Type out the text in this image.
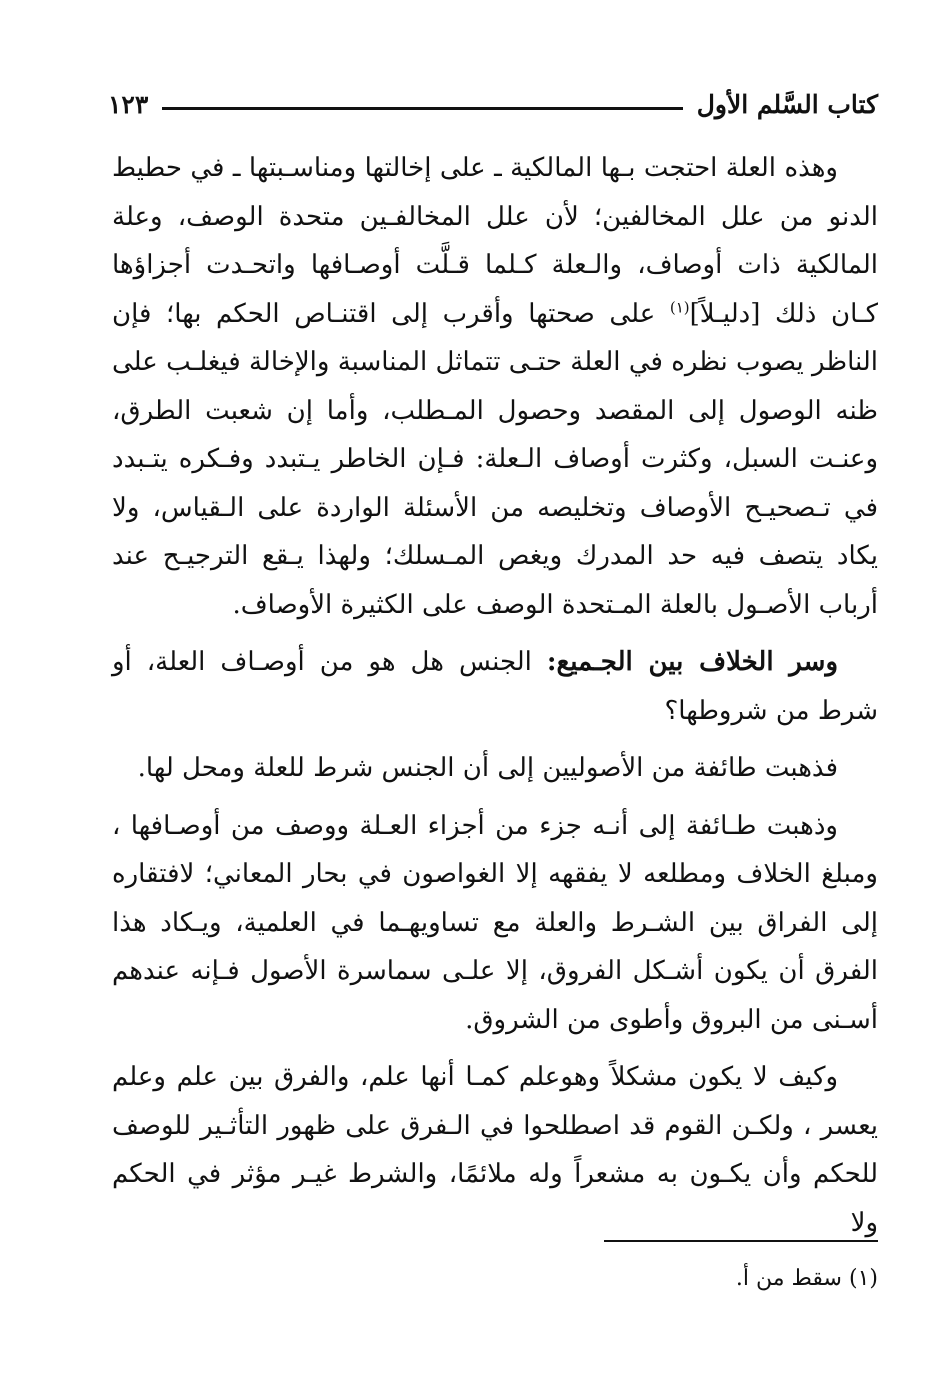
كتاب السَّلم الأول
١٢٣

وهذه العلة احتجت بـها المالكية ـ على إخالتها ومناسـبتها ـ في حطيط الدنو من علل المخالفين؛ لأن علل المخالفـين متحدة الوصف، وعلة المالكية ذات أوصاف، والـعلة كـلما قـلَّت أوصـافها واتحـدت أجزاؤها كـان ذلك [دليـلاً]$^{(١)}$ على صحتها وأقرب إلى اقتنـاص الحكم بها؛ فإن الناظر يصوب نظره في العلة حتـى تتماثل المناسبة والإخالة فيغلـب على ظنه الوصول إلى المقصد وحصول المـطلب، وأما إن شعبت الطرق، وعنـت السبل، وكثرت أوصاف الـعلة: فـإن الخاطر يـتبدد وفـكره يتـبدد في تـصحيـح الأوصاف وتخليصه من الأسئلة الواردة على الـقياس، ولا يكاد يتصف فيه حد المدرك ويغص المـسلك؛ ولهذا يـقع الترجيـح عند أرباب الأصـول بالعلة المـتحدة الوصف على الكثيرة الأوصاف.

وسر الخلاف بين الجـميع: الجنس هل هو من أوصـاف العلة، أو شرط من شروطها؟

فذهبت طائفة من الأصوليين إلى أن الجنس شرط للعلة ومحل لها.

وذهبت طـائفة إلى أنـه جزء من أجزاء العـلة ووصف من أوصـافها ، ومبلغ الخلاف ومطلعه لا يفقهه إلا الغواصون في بحار المعاني؛ لافتقاره إلى الفراق بين الشـرط والعلة مع تساويهـما في العلمية، ويـكاد هذا الفرق أن يكون أشـكل الفروق، إلا علـى سماسرة الأصول فـإنه عندهم أسـنى من البروق وأطوى من الشروق.

وكيف لا يكون مشكلاً وهوعلم كمـا أنها علم، والفرق بين علم وعلم يعسر ، ولكـن القوم قد اصطلحوا في الـفرق على ظهور التأثـير للوصف للحكم وأن يكـون به مشعراً وله ملائمًا، والشرط غيـر مؤثر في الحكم ولا

(١) سقط من أ.
